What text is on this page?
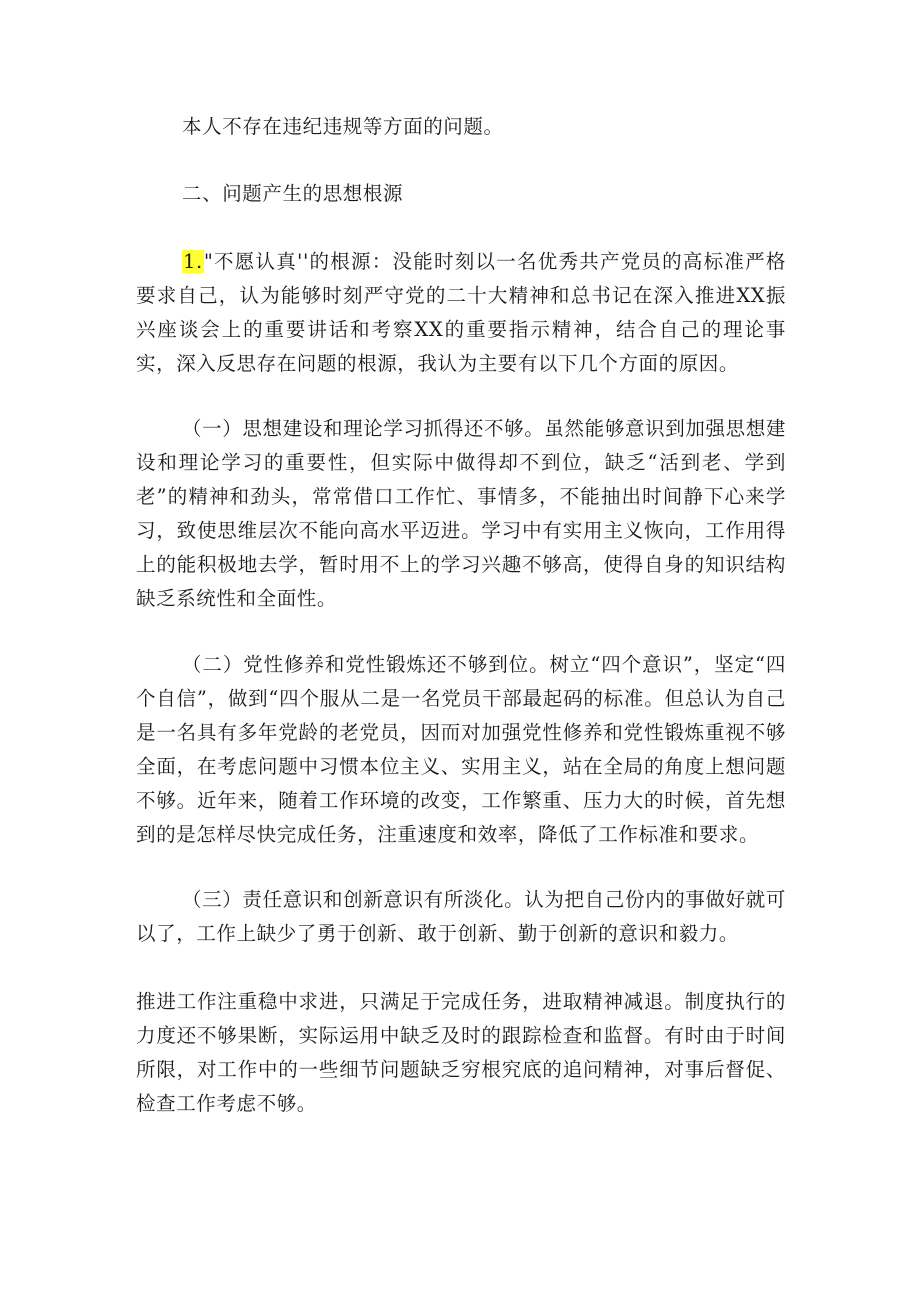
本人不存在违纪违规等方面的问题。

二、问题产生的思想根源

1."不愿认真''的根源：没能时刻以一名优秀共产党员的高标准严格要求自己，认为能够时刻严守党的二十大精神和总书记在深入推进XX振兴座谈会上的重要讲话和考察XX的重要指示精神，结合自己的理论事实，深入反思存在问题的根源，我认为主要有以下几个方面的原因。

（一）思想建设和理论学习抓得还不够。虽然能够意识到加强思想建设和理论学习的重要性，但实际中做得却不到位，缺乏“活到老、学到老”的精神和劲头，常常借口工作忙、事情多，不能抽出时间静下心来学习，致使思维层次不能向高水平迈进。学习中有实用主义恢向，工作用得上的能积极地去学，暂时用不上的学习兴趣不够高，使得自身的知识结构缺乏系统性和全面性。

（二）党性修养和党性锻炼还不够到位。树立“四个意识”，坚定“四个自信”，做到“四个服从二是一名党员干部最起码的标准。但总认为自己是一名具有多年党龄的老党员，因而对加强党性修养和党性锻炼重视不够全面，在考虑问题中习惯本位主义、实用主义，站在全局的角度上想问题不够。近年来，随着工作环境的改变，工作繁重、压力大的时候，首先想到的是怎样尽快完成任务，注重速度和效率，降低了工作标准和要求。

（三）责任意识和创新意识有所淡化。认为把自己份内的事做好就可以了，工作上缺少了勇于创新、敢于创新、勤于创新的意识和毅力。

推进工作注重稳中求进，只满足于完成任务，进取精神减退。制度执行的力度还不够果断，实际运用中缺乏及时的跟踪检查和监督。有时由于时间所限，对工作中的一些细节问题缺乏穷根究底的追问精神，对事后督促、检查工作考虑不够。
